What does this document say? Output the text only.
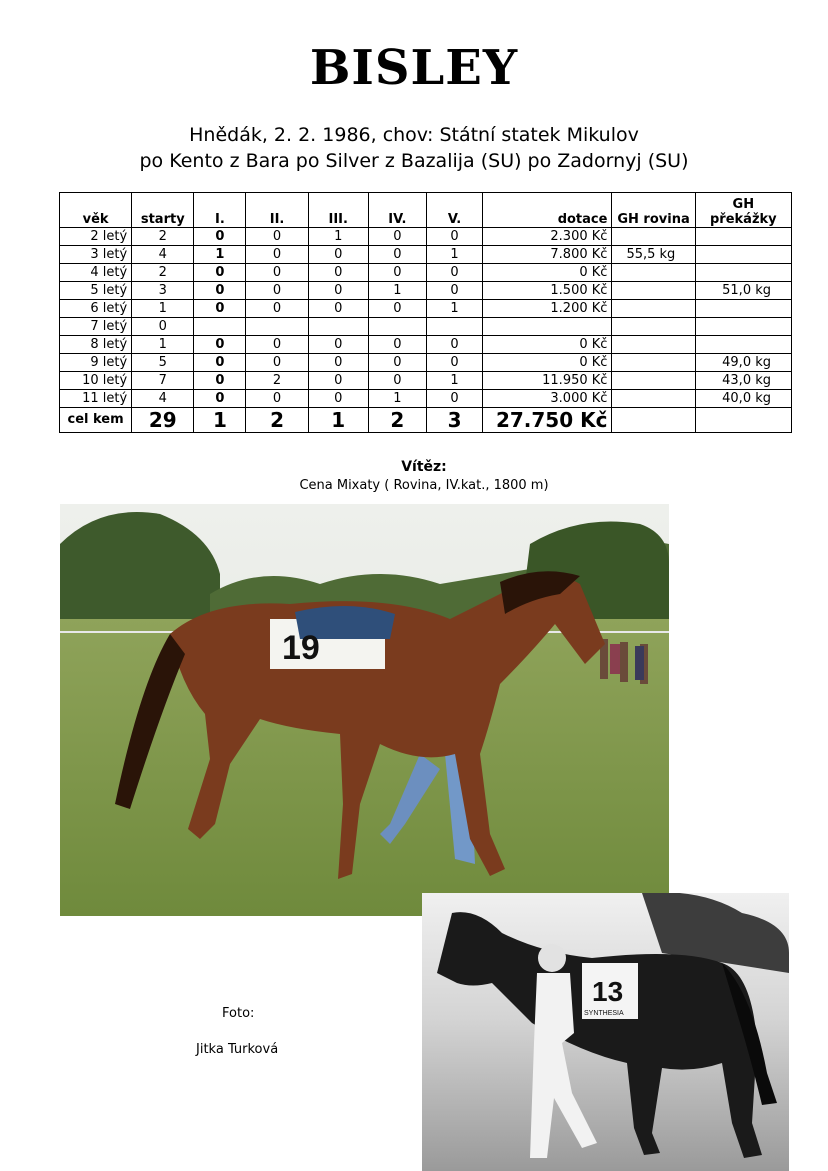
BISLEY
Hnědák, 2. 2. 1986, chov: Státní statek Mikulov
po Kento z Bara po Silver z Bazalija (SU) po Zadornyj (SU)
věk	starty	I.	II.	III.	IV.	V.	dotace	GH rovina	GH překážky
2 letý	2	0	0	1	0	0	2.300 Kč		
3 letý	4	1	0	0	0	1	7.800 Kč	55,5 kg	
4 letý	2	0	0	0	0	0	0 Kč		
5 letý	3	0	0	0	1	0	1.500 Kč		51,0 kg
6 letý	1	0	0	0	0	1	1.200 Kč		
7 letý	0								
8 letý	1	0	0	0	0	0	0 Kč		
9 letý	5	0	0	0	0	0	0 Kč		49,0 kg
10 letý	7	0	2	0	0	1	11.950 Kč		43,0 kg
11 letý	4	0	0	0	1	0	3.000 Kč		40,0 kg
cel kem	29	1	2	1	2	3	27.750 Kč		
Vítěz:
Cena Mixaty ( Rovina, IV.kat., 1800 m)
19
13
SYNTHESIA
Foto:
Jitka Turková
